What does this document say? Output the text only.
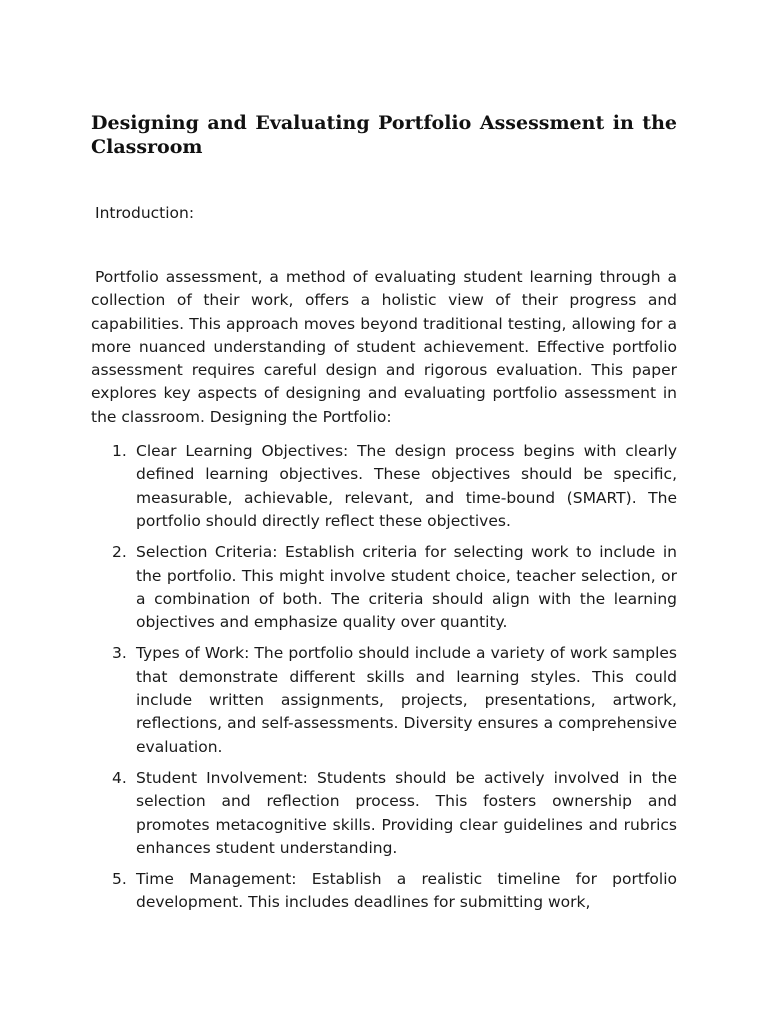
Designing and Evaluating Portfolio Assessment in the Classroom

Introduction:

Portfolio assessment, a method of evaluating student learning through a collection of their work, offers a holistic view of their progress and capabilities. This approach moves beyond traditional testing, allowing for a more nuanced understanding of student achievement. Effective portfolio assessment requires careful design and rigorous evaluation. This paper explores key aspects of designing and evaluating portfolio assessment in the classroom. Designing the Portfolio:

1. Clear Learning Objectives: The design process begins with clearly defined learning objectives. These objectives should be specific, measurable, achievable, relevant, and time-bound (SMART). The portfolio should directly reflect these objectives.
2. Selection Criteria: Establish criteria for selecting work to include in the portfolio. This might involve student choice, teacher selection, or a combination of both. The criteria should align with the learning objectives and emphasize quality over quantity.
3. Types of Work: The portfolio should include a variety of work samples that demonstrate different skills and learning styles. This could include written assignments, projects, presentations, artwork, reflections, and self-assessments. Diversity ensures a comprehensive evaluation.
4. Student Involvement: Students should be actively involved in the selection and reflection process. This fosters ownership and promotes metacognitive skills. Providing clear guidelines and rubrics enhances student understanding.
5. Time Management: Establish a realistic timeline for portfolio development. This includes deadlines for submitting work,
